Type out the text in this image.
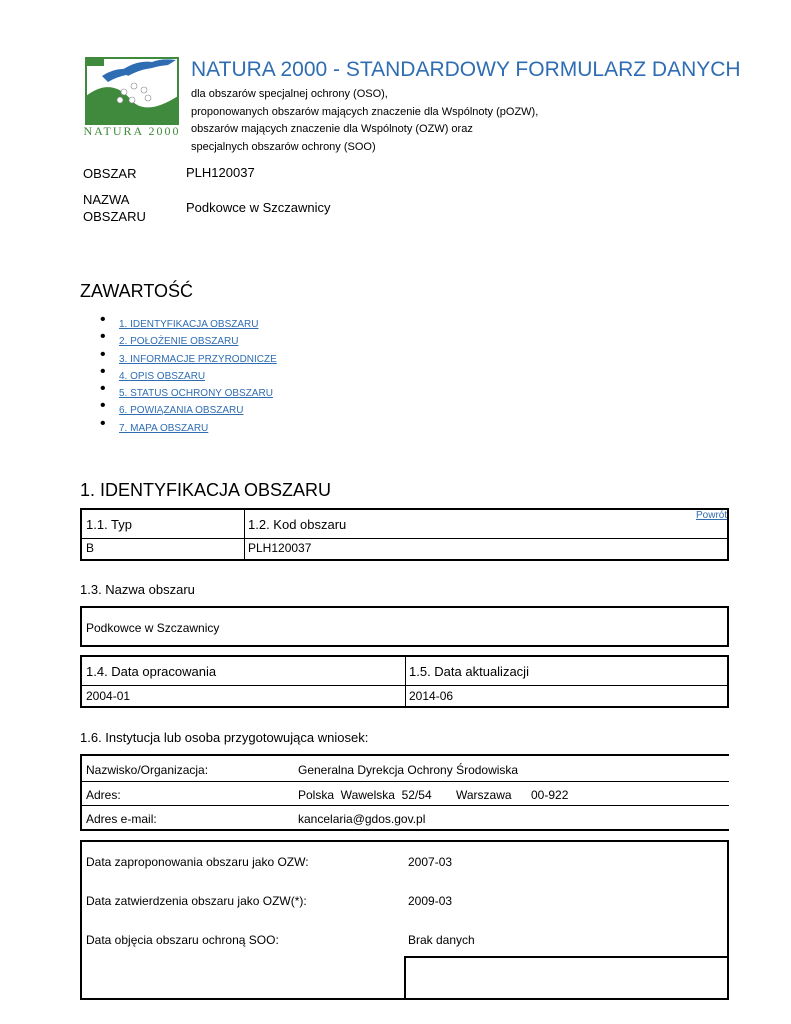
NATURA 2000
NATURA 2000 - STANDARDOWY FORMULARZ DANYCH
dla obszarów specjalnej ochrony (OSO),
proponowanych obszarów mających znaczenie dla Wspólnoty (pOZW),
obszarów mających znaczenie dla Wspólnoty (OZW) oraz
specjalnych obszarów ochrony (SOO)
OBSZAR	PLH120037
NAZWA
OBSZARU
Podkowce w Szczawnicy
ZAWARTOŚĆ
• 1. IDENTYFIKACJA OBSZARU
• 2. POŁOŻENIE OBSZARU
• 3. INFORMACJE PRZYRODNICZE
• 4. OPIS OBSZARU
• 5. STATUS OCHRONY OBSZARU
• 6. POWIĄZANIA OBSZARU
• 7. MAPA OBSZARU
1. IDENTYFIKACJA OBSZARU
1.1. Typ	1.2. Kod obszaru
B	PLH120037
Powrót
1.3. Nazwa obszaru
Podkowce w Szczawnicy
1.4. Data opracowania	1.5. Data aktualizacji
2004-01	2014-06
1.6. Instytucja lub osoba przygotowująca wniosek:
Nazwisko/Organizacja:	Generalna Dyrekcja Ochrony Środowiska
Adres:	Polska  Wawelska  52/54 Warszawa 00-922
Adres e-mail:	kancelaria@gdos.gov.pl
Data zaproponowania obszaru jako OZW:	2007-03
Data zatwierdzenia obszaru jako OZW(*):	2009-03
Data objęcia obszaru ochroną SOO:	Brak danych
